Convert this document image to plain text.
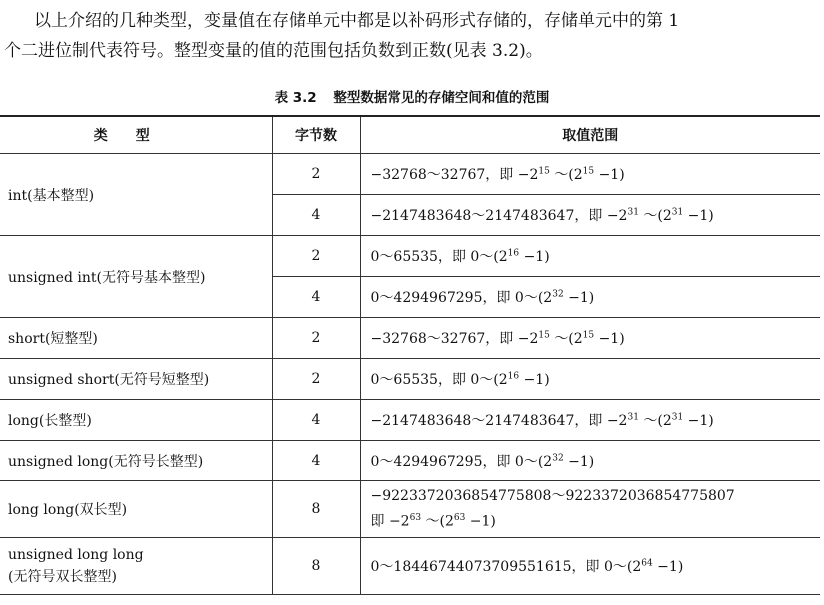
以上介绍的几种类型，变量值在存储单元中都是以补码形式存储的，存储单元中的第 1
个二进位制代表符号。整型变量的值的范围包括负数到正数(见表 3.2)。
表 3.2 整型数据常见的存储空间和值的范围
类型	字节数	取值范围
int(基本整型)	2	−32768～32767，即 $-2^{15}$ $\sim(2^{15} -1)$
	4	−2147483648～2147483647，即 $-2^{31}$ $\sim(2^{31} -1)$
unsigned int(无符号基本整型)	2	0～65535，即 $0\sim(2^{16} -1)$
	4	0～4294967295，即 $0\sim(2^{32} -1)$
short(短整型)	2	−32768～32767，即 $-2^{15}$ $\sim(2^{15} -1)$
unsigned short(无符号短整型)	2	0～65535，即 $0\sim(2^{16} -1)$
long(长整型)	4	−2147483648～2147483647，即 $-2^{31}$ $\sim(2^{31} -1)$
unsigned long(无符号长整型)	4	0～4294967295，即 $0\sim(2^{32} -1)$
long long(双长型)	8	−9223372036854775808～9223372036854775807
即 $-2^{63}$ $\sim(2^{63} -1)$

unsigned long long
(无符号双长整型)	8	0～18446744073709551615，即 $0\sim(2^{64} -1)$
